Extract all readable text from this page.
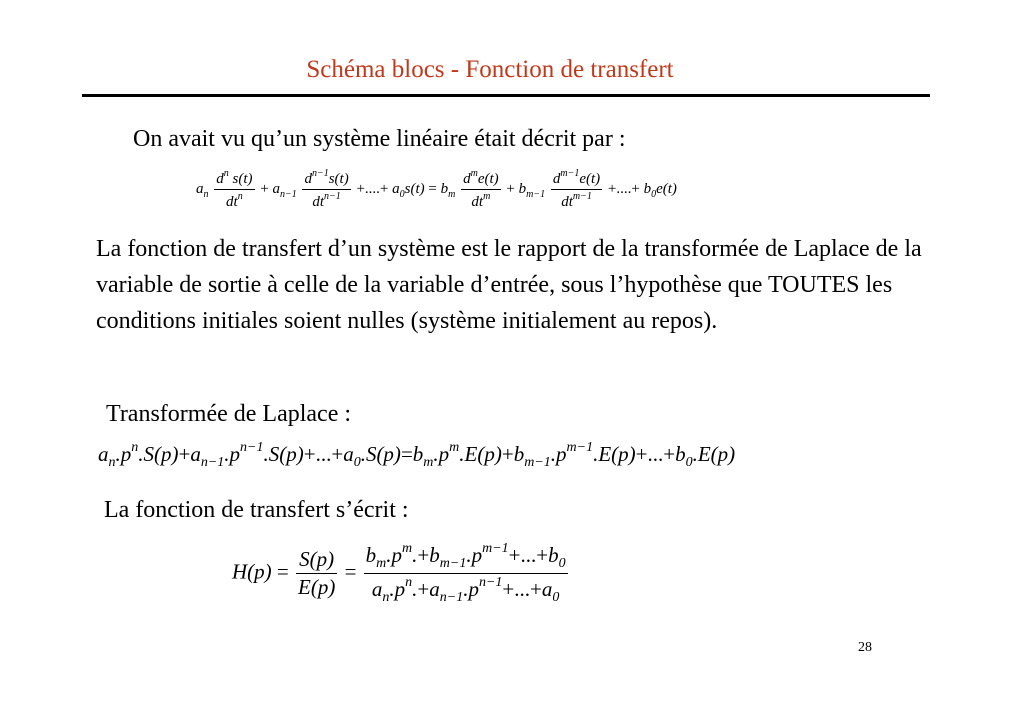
Schéma blocs - Fonction de transfert
On avait vu qu’un système linéaire était décrit par :
$a_n \frac{d^n s(t)}{dt^n} + a_{n-1} \frac{d^{n-1}s(t)}{dt^{n-1}}$ +....+ $a_0s(t) = b_m \frac{d^me(t)}{dt^m} + b_{m-1} \frac{d^{m-1}e(t)}{dt^{m-1}}$ +....+ $b_0e(t)$
La fonction de transfert d’un système est le rapport de la transformée de Laplace de la variable de sortie à celle de la variable d’entrée, sous l’hypothèse que TOUTES les conditions initiales soient nulles (système initialement au repos).
Transformée de Laplace :
$a_n.p^n.S(p)+a_{n-1}.p^{n-1}.S(p)+...+a_0.S(p)=b_m.p^m.E(p)+b_{m-1}.p^{m-1}.E(p)+...+b_0.E(p)$
La fonction de transfert s’écrit :
$H(p) = \frac{S(p)}{E(p)} = \frac{b_m.p^m.+b_{m-1}.p^{m-1}+...+b_0}{a_n.p^n.+a_{n-1}.p^{n-1}+...+a_0}$
28
